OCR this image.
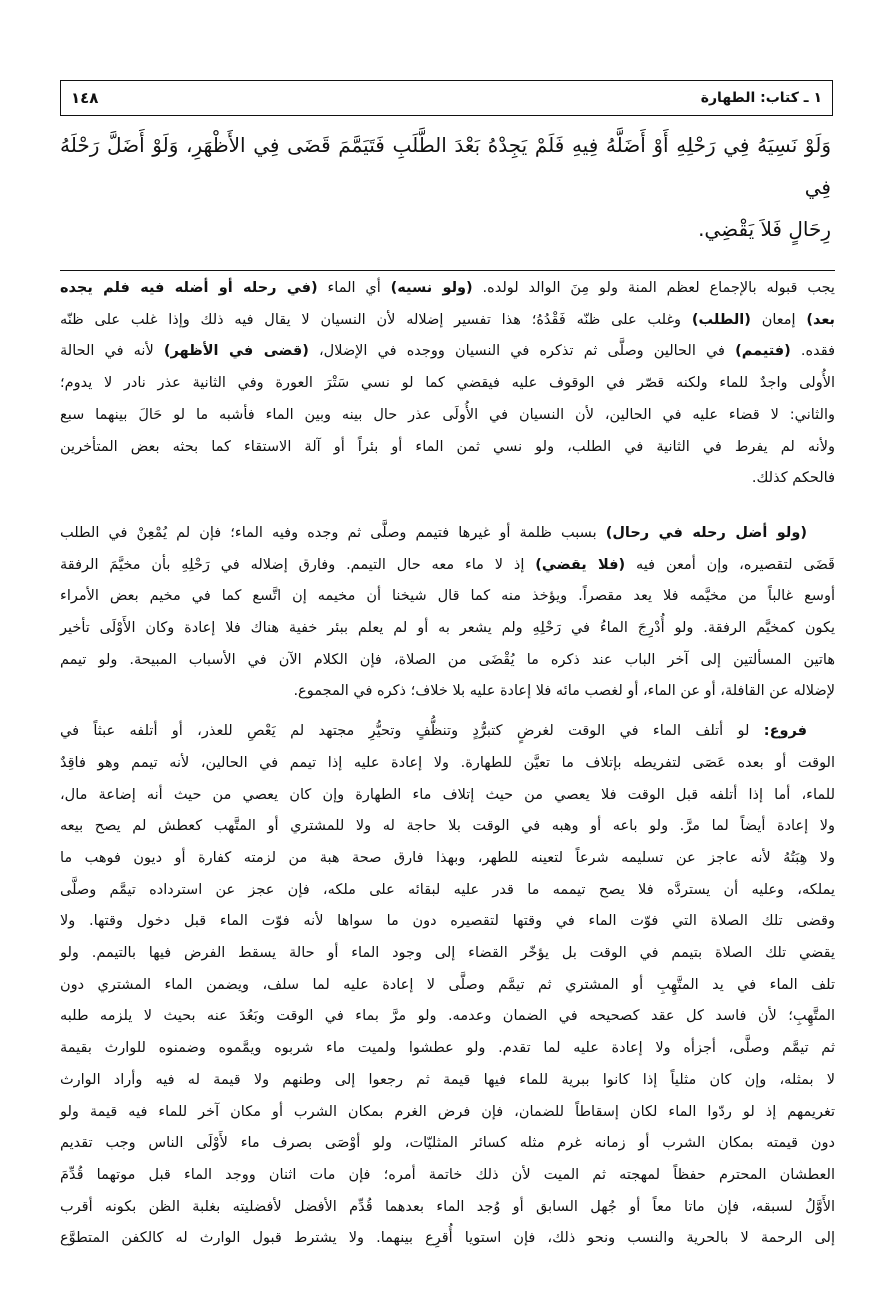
١ ـ كتاب: الطهارة
١٤٨
وَلَوْ نَسِيَهُ فِي رَحْلِهِ أَوْ أَضَلَّهُ فِيهِ فَلَمْ يَجِدْهُ بَعْدَ الطَّلَبِ فَتَيَمَّمَ قَضَى فِي الأَظْهَرِ، وَلَوْ أَضَلَّ رَحْلَهُ فِي
رِحَالٍ فَلاَ يَقْضِي.
يجب قبوله بالإجماع لعظم المنة ولو مِنَ الوالد لولده. (ولو نسيه) أي الماء (في رحله أو أضله فيه فلم يجده
بعد) إمعان (الطلب) وغلب على ظنّه فَقْدُهُ؛ هذا تفسير إضلاله لأن النسيان لا يقال فيه ذلك وإذا غلب على ظنّه
فقده. (فتيمم) في الحالين وصلَّى ثم تذكره في النسيان ووجده في الإضلال، (قضى في الأظهر) لأنه في الحالة
الأُولى واجدٌ للماء ولكنه قصّر في الوقوف عليه فيقضي كما لو نسي سَتْرَ العورة وفي الثانية عذر نادر لا يدوم؛
والثاني: لا قضاء عليه في الحالين، لأن النسيان في الأُولَى عذر حال بينه وبين الماء فأشبه ما لو حَالَ بينهما سبع
ولأنه لم يفرط في الثانية في الطلب، ولو نسي ثمن الماء أو بئراً أو آلة الاستقاء كما بحثه بعض المتأخرين
فالحكم كذلك.
(ولو أضل رحله في رحال) بسبب ظلمة أو غيرها فتيمم وصلَّى ثم وجده وفيه الماء؛ فإن لم يُمْعِنْ في الطلب
قَضَى لتقصيره، وإن أمعن فيه (فلا يقضي) إذ لا ماء معه حال التيمم. وفارق إضلاله في رَحْلِهِ بأن مخيَّمَ الرفقة
أوسع غالباً من مخيَّمه فلا يعد مقصراً. ويؤخذ منه كما قال شيخنا أن مخيمه إن اتَّسع كما في مخيم بعض الأمراء
يكون كمخيَّم الرفقة. ولو أُدْرِجَ الماءُ في رَحْلِهِ ولم يشعر به أو لم يعلم ببئر خفية هناك فلا إعادة وكان الأَوْلَى تأخير
هاتين المسألتين إلى آخر الباب عند ذكره ما يُقْضَى من الصلاة، فإن الكلام الآن في الأسباب المبيحة. ولو تيمم
لإضلاله عن القافلة، أو عن الماء، أو لغصب مائه فلا إعادة عليه بلا خلاف؛ ذكره في المجموع.
فروع: لو أتلف الماء في الوقت لغرضٍ كتبرُّدٍ وتنظُّفٍ وتحيُّرِ مجتهد لم يَعْصِ للعذر، أو أتلفه عبثاً في
الوقت أو بعده عَصَى لتفريطه بإتلاف ما تعيَّن للطهارة. ولا إعادة عليه إذا تيمم في الحالين، لأنه تيمم وهو فاقِدٌ
للماء، أما إذا أتلفه قبل الوقت فلا يعصي من حيث إتلاف ماء الطهارة وإن كان يعصي من حيث أنه إضاعة مال،
ولا إعادة أيضاً لما مرَّ. ولو باعه أو وهبه في الوقت بلا حاجة له ولا للمشتري أو المتَّهب كعطش لم يصح بيعه
ولا هِبَتُهُ لأنه عاجز عن تسليمه شرعاً لتعينه للطهر، وبهذا فارق صحة هبة من لزمته كفارة أو ديون فوهب ما
يملكه، وعليه أن يستردَّه فلا يصح تيممه ما قدر عليه لبقائه على ملكه، فإن عجز عن استرداده تيمَّم وصلَّى
وقضى تلك الصلاة التي فوّت الماء في وقتها لتقصيره دون ما سواها لأنه فوّت الماء قبل دخول وقتها. ولا
يقضي تلك الصلاة بتيمم في الوقت بل يؤخّر القضاء إلى وجود الماء أو حالة يسقط الفرض فيها بالتيمم. ولو
تلف الماء في يد المتَّهِبِ أو المشتري ثم تيمَّم وصلَّى لا إعادة عليه لما سلف، ويضمن الماء المشتري دون
المتَّهِبِ؛ لأن فاسد كل عقد كصحيحه في الضمان وعدمه. ولو مرَّ بماء في الوقت وبَعُدَ عنه بحيث لا يلزمه طلبه
ثم تيمَّم وصلَّى، أجزأه ولا إعادة عليه لما تقدم. ولو عطشوا ولميت ماء شربوه ويمَّموه وضمنوه للوارث بقيمة
لا بمثله، وإن كان مثلياً إذا كانوا ببرية للماء فيها قيمة ثم رجعوا إلى وطنهم ولا قيمة له فيه وأراد الوارث
تغريمهم إذ لو ردّوا الماء لكان إسقاطاً للضمان، فإن فرض الغرم بمكان الشرب أو مكان آخر للماء فيه قيمة ولو
دون قيمته بمكان الشرب أو زمانه غرم مثله كسائر المثليّات، ولو أوْصَى بصرف ماء لأَوْلَى الناس وجب تقديم
العطشان المحترم حفظاً لمهجته ثم الميت لأن ذلك خاتمة أمره؛ فإن مات اثنان ووجد الماء قبل موتهما قُدِّمَ
الأَوَّلُ لسبقه، فإن ماتا معاً أو جُهل السابق أو وُجد الماء بعدهما قُدِّم الأفضل لأفضليته بغلبة الظن بكونه أقرب
إلى الرحمة لا بالحرية والنسب ونحو ذلك، فإن استويا أُقرِع بينهما. ولا يشترط قبول الوارث له كالكفن المتطوَّع
